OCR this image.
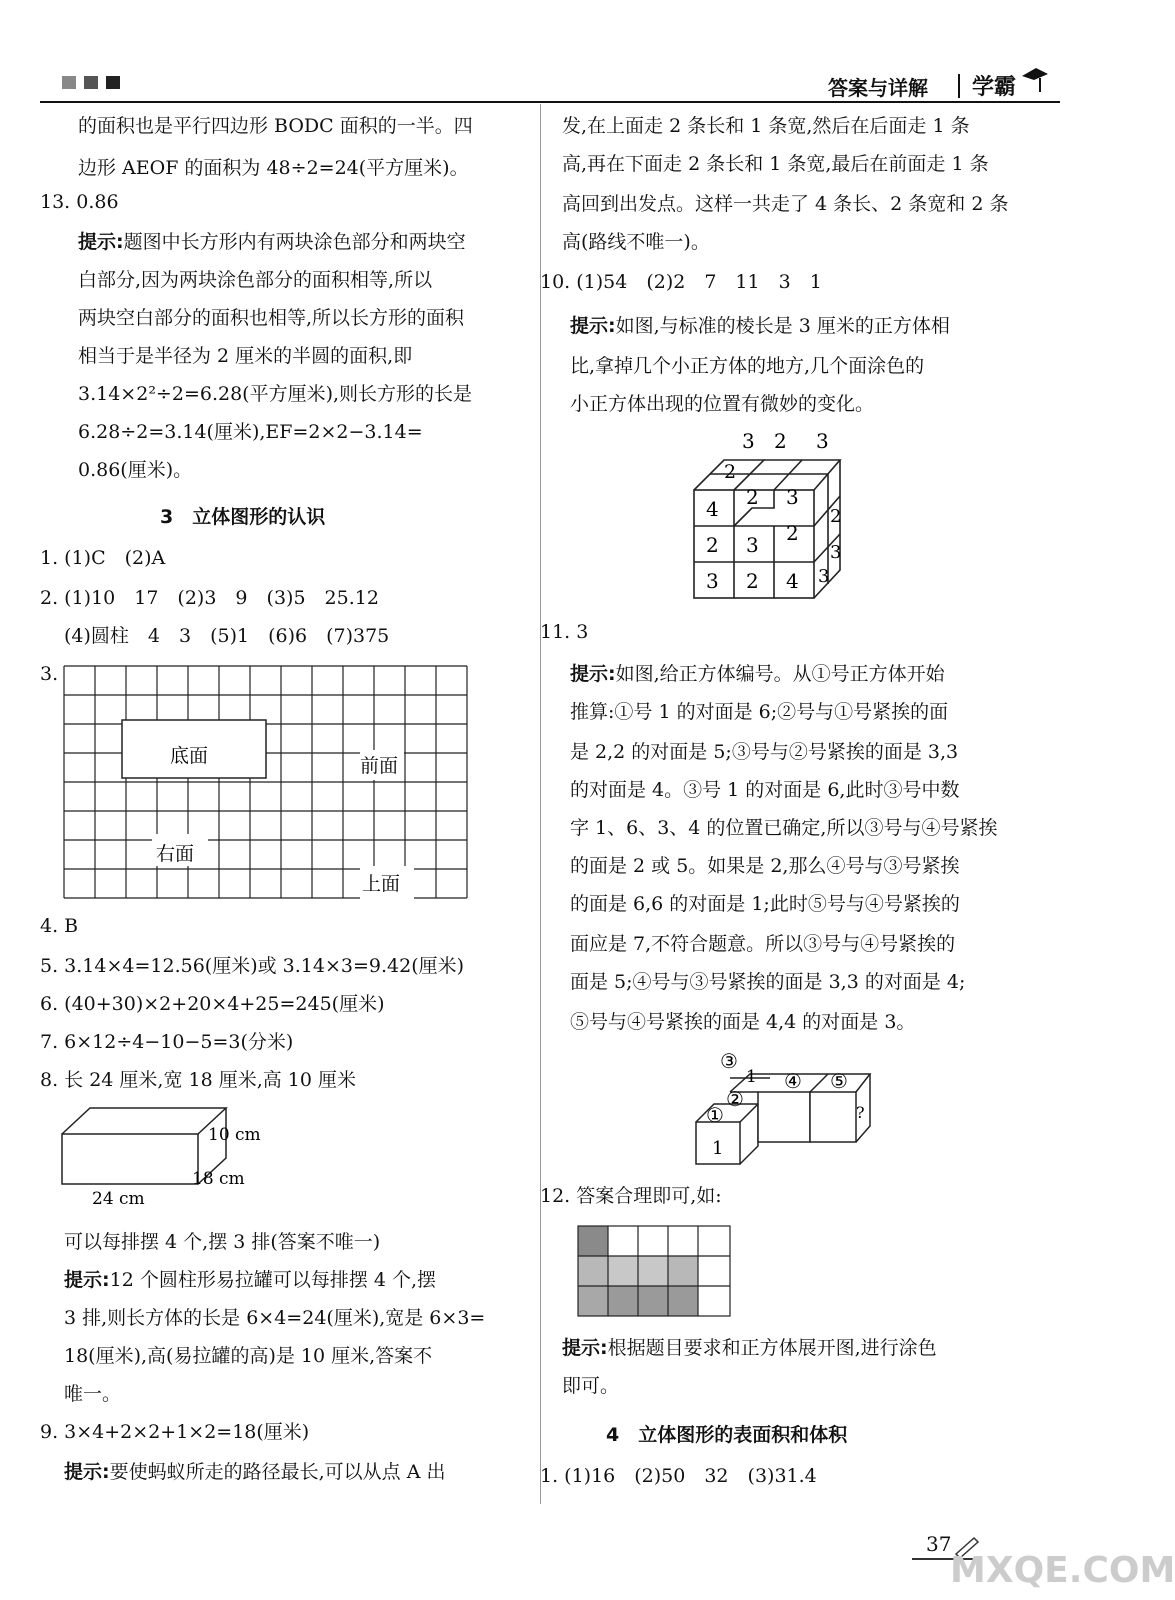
答案与详解 学霸
的面积也是平行四边形 BODC 面积的一半。四
边形 AEOF 的面积为 48÷2=24(平方厘米)。
13. 0.86
提示:题图中长方形内有两块涂色部分和两块空
白部分,因为两块涂色部分的面积相等,所以
两块空白部分的面积也相等,所以长方形的面积
相当于是半径为 2 厘米的半圆的面积,即
3.14×2²÷2=6.28(平方厘米),则长方形的长是
6.28÷2=3.14(厘米),EF=2×2−3.14=
0.86(厘米)。
3　立体图形的认识
1. (1)C　(2)A
2. (1)10　17　(2)3　9　(3)5　25.12
(4)圆柱　4　3　(5)1　(6)6　(7)375
3.
底面	前面
右面
上面
4. B
5. 3.14×4=12.56(厘米)或 3.14×3=9.42(厘米)
6. (40+30)×2+20×4+25=245(厘米)
7. 6×12÷4−10−5=3(分米)
8. 长 24 厘米,宽 18 厘米,高 10 厘米
10 cm
18 cm
24 cm
可以每排摆 4 个,摆 3 排(答案不唯一)
提示:12 个圆柱形易拉罐可以每排摆 4 个,摆
3 排,则长方体的长是 6×4=24(厘米),宽是 6×3=
18(厘米),高(易拉罐的高)是 10 厘米,答案不
唯一。
9. 3×4+2×2+1×2=18(厘米)
提示:要使蚂蚁所走的路径最长,可以从点 A 出
发,在上面走 2 条长和 1 条宽,然后在后面走 1 条
高,再在下面走 2 条长和 1 条宽,最后在前面走 1 条
高回到出发点。这样一共走了 4 条长、2 条宽和 2 条
高(路线不唯一)。
10. (1)54　(2)2　7　11　3　1
提示:如图,与标准的棱长是 3 厘米的正方体相
比,拿掉几个小正方体的地方,几个面涂色的
小正方体出现的位置有微妙的变化。
3 2 3
2
4 2 3
2 3 2
3 2 4
2
3
3
11. 3
提示:如图,给正方体编号。从①号正方体开始
推算:①号 1 的对面是 6;②号与①号紧挨的面
是 2,2 的对面是 5;③号与②号紧挨的面是 3,3
的对面是 4。③号 1 的对面是 6,此时③号中数
字 1、6、3、4 的位置已确定,所以③号与④号紧挨
的面是 2 或 5。如果是 2,那么④号与③号紧挨
的面是 6,6 的对面是 1;此时⑤号与④号紧挨的
面应是 7,不符合题意。所以③号与④号紧挨的
面是 5;④号与③号紧挨的面是 3,3 的对面是 4;
⑤号与④号紧挨的面是 4,4 的对面是 3。
③
1 ④ ⑤
②
①
1
?
12. 答案合理即可,如:
提示:根据题目要求和正方体展开图,进行涂色
即可。
4　立体图形的表面积和体积
1. (1)16　(2)50　32　(3)31.4
37
MXQE.COM
